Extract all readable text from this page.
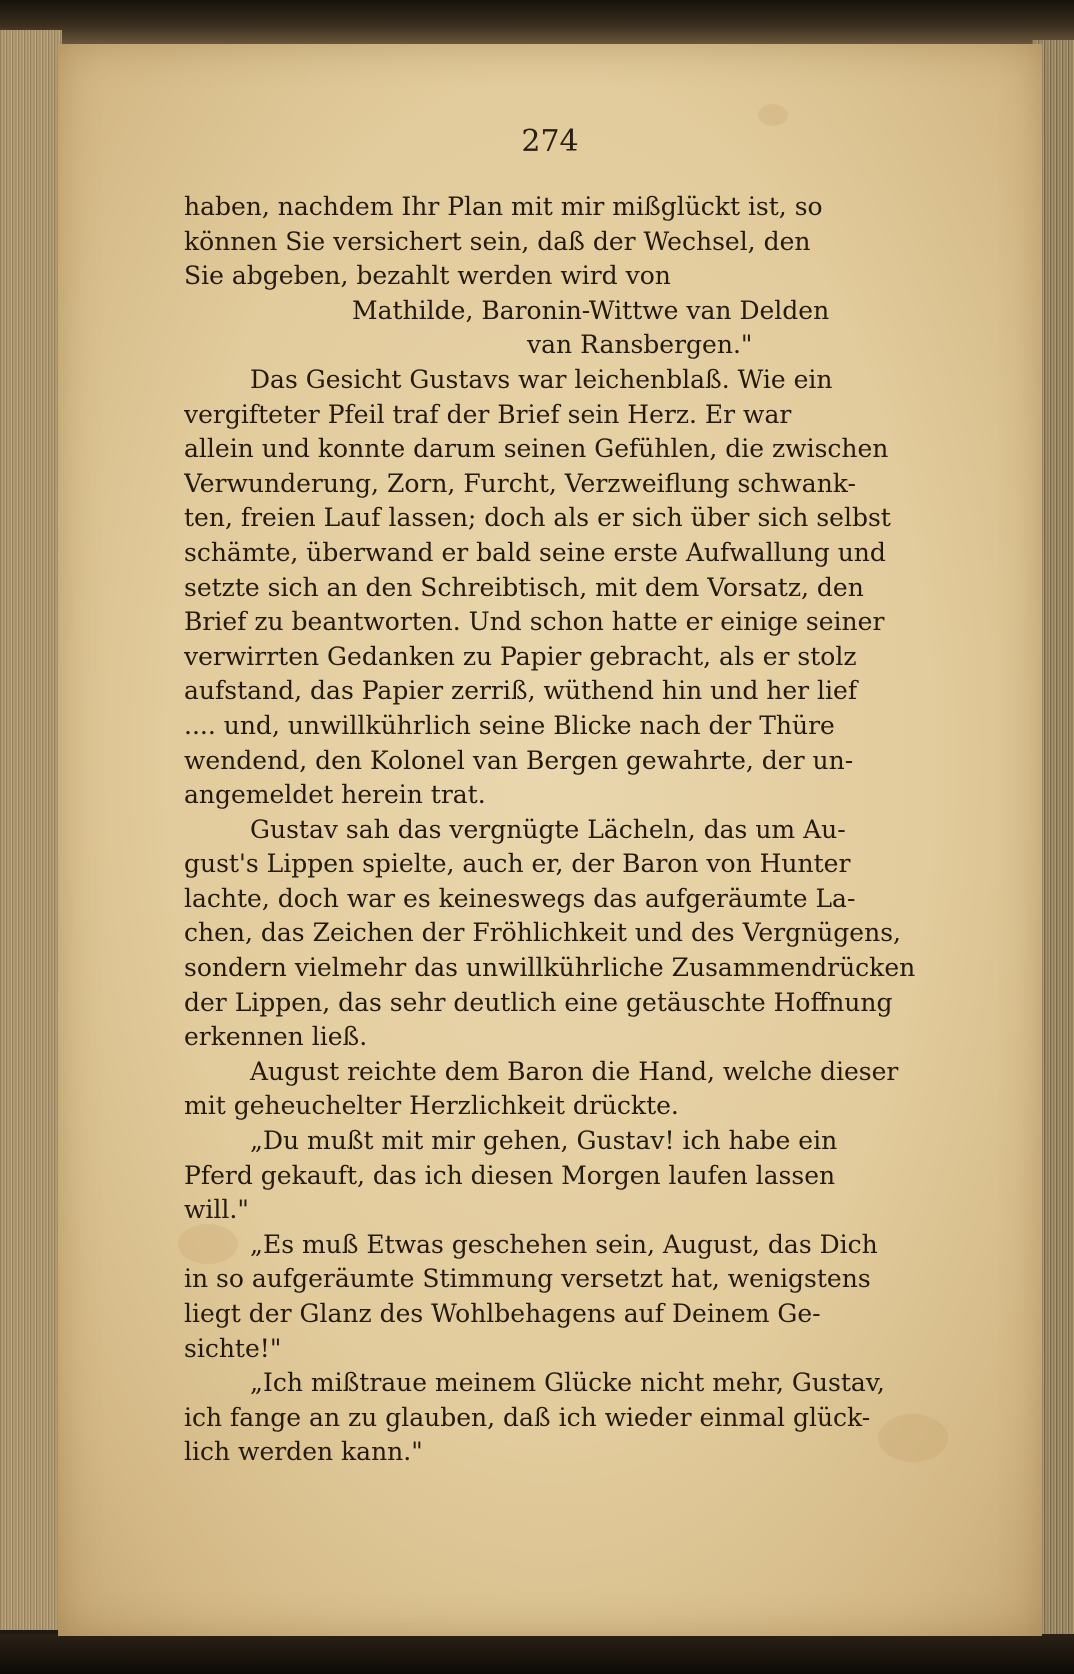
274
haben, nachdem Ihr Plan mit mir mißglückt ist, so
können Sie versichert sein, daß der Wechsel, den
Sie abgeben, bezahlt werden wird von
Mathilde, Baronin-Wittwe van Delden
van Ransbergen."
Das Gesicht Gustavs war leichenblaß. Wie ein
vergifteter Pfeil traf der Brief sein Herz. Er war
allein und konnte darum seinen Gefühlen, die zwischen
Verwunderung, Zorn, Furcht, Verzweiflung schwank-
ten, freien Lauf lassen; doch als er sich über sich selbst
schämte, überwand er bald seine erste Aufwallung und
setzte sich an den Schreibtisch, mit dem Vorsatz, den
Brief zu beantworten. Und schon hatte er einige seiner
verwirrten Gedanken zu Papier gebracht, als er stolz
aufstand, das Papier zerriß, wüthend hin und her lief
.... und, unwillkührlich seine Blicke nach der Thüre
wendend, den Kolonel van Bergen gewahrte, der un-
angemeldet herein trat.
Gustav sah das vergnügte Lächeln, das um Au-
gust's Lippen spielte, auch er, der Baron von Hunter
lachte, doch war es keineswegs das aufgeräumte La-
chen, das Zeichen der Fröhlichkeit und des Vergnügens,
sondern vielmehr das unwillkührliche Zusammendrücken
der Lippen, das sehr deutlich eine getäuschte Hoffnung
erkennen ließ.
August reichte dem Baron die Hand, welche dieser
mit geheuchelter Herzlichkeit drückte.
„Du mußt mit mir gehen, Gustav! ich habe ein
Pferd gekauft, das ich diesen Morgen laufen lassen
will."
„Es muß Etwas geschehen sein, August, das Dich
in so aufgeräumte Stimmung versetzt hat, wenigstens
liegt der Glanz des Wohlbehagens auf Deinem Ge-
sichte!"
„Ich mißtraue meinem Glücke nicht mehr, Gustav,
ich fange an zu glauben, daß ich wieder einmal glück-
lich werden kann."
